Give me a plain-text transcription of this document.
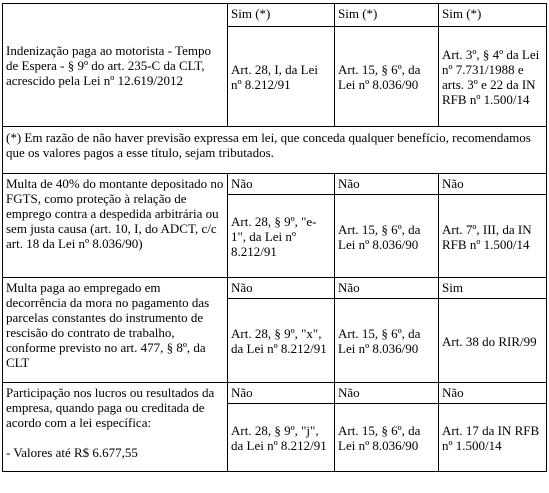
Indenização paga ao motorista - Tempo de Espera - § 9º do art. 235-C da CLT, acrescido pela Lei nº 12.619/2012	Sim (*)	Sim (*)	Sim (*)
	Art. 28, I, da Lei nº 8.212/91	Art. 15, § 6º, da Lei nº 8.036/90	Art. 3º, § 4º da Lei nº 7.731/1988 e arts. 3º e 22 da IN RFB nº 1.500/14
(*) Em razão de não haver previsão expressa em lei, que conceda qualquer benefício, recomendamos que os valores pagos a esse título, sejam tributados.			
Multa de 40% do montante depositado no FGTS, como proteção à relação de emprego contra a despedida arbitrária ou sem justa causa (art. 10, I, do ADCT, c/c art. 18 da Lei nº 8.036/90)	Não	Não	Não
	Art. 28, § 9º, "e-1", da Lei nº 8.212/91	Art. 15, § 6º, da Lei nº 8.036/90	Art. 7º, III, da IN RFB nº 1.500/14
Multa paga ao empregado em decorrência da mora no pagamento das parcelas constantes do instrumento de rescisão do contrato de trabalho, conforme previsto no art. 477, § 8º, da CLT	Não	Não	Sim
	Art. 28, § 9º, "x", da Lei nº 8.212/91	Art. 15, § 6º, da Lei nº 8.036/90	Art. 38 do RIR/99
Participação nos lucros ou resultados da empresa, quando paga ou creditada de acordo com a lei específica:

- Valores até R$ 6.677,55	Não	Não	Não
	Art. 28, § 9º, "j", da Lei nº 8.212/91	Art. 15, § 6º, da Lei nº 8.036/90	Art. 17 da IN RFB nº 1.500/14
